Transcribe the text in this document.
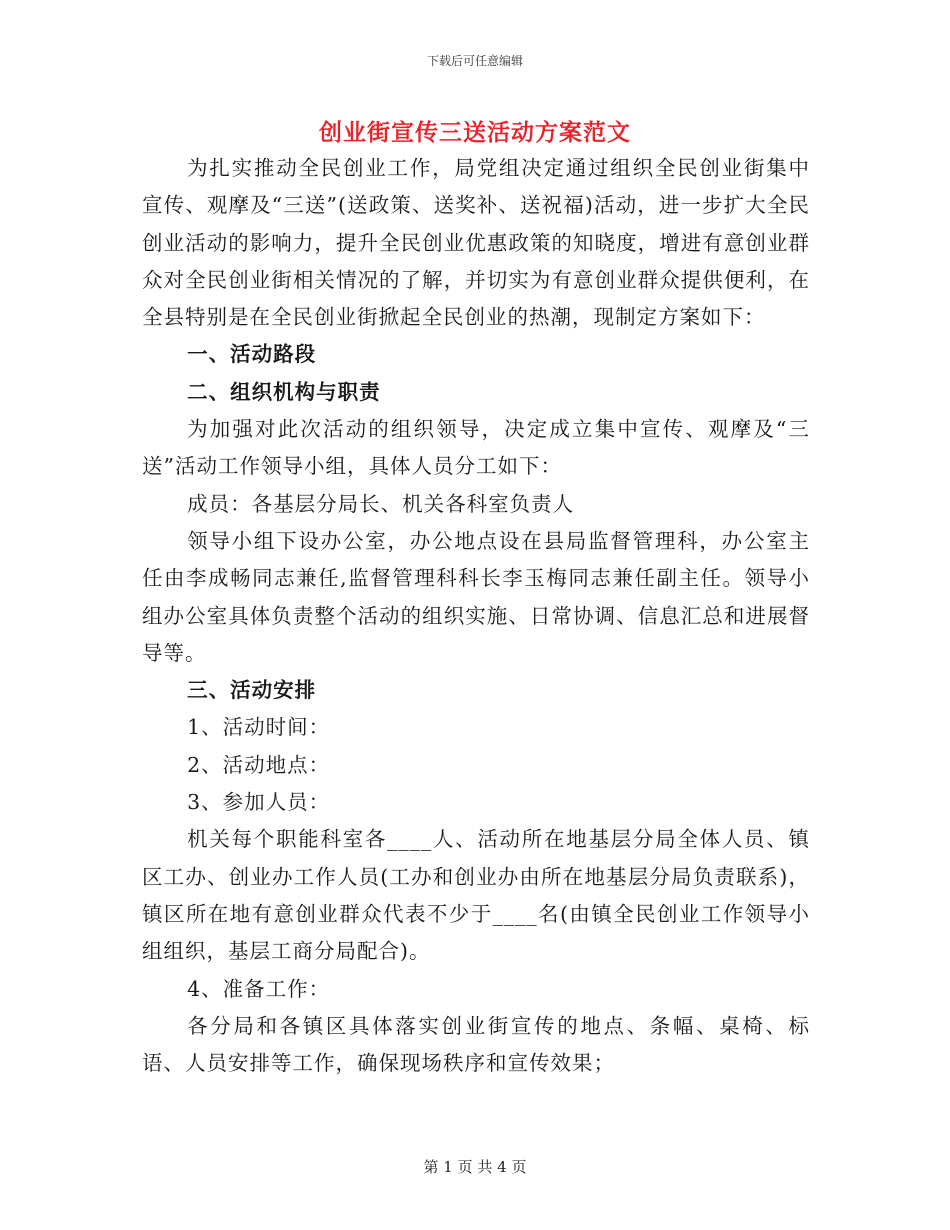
下载后可任意编辑
创业街宣传三送活动方案范文

为扎实推动全民创业工作，局党组决定通过组织全民创业街集中宣传、观摩及“三送”(送政策、送奖补、送祝福)活动，进一步扩大全民创业活动的影响力，提升全民创业优惠政策的知晓度，增进有意创业群众对全民创业街相关情况的了解，并切实为有意创业群众提供便利，在全县特别是在全民创业街掀起全民创业的热潮，现制定方案如下：

一、活动路段

二、组织机构与职责

为加强对此次活动的组织领导，决定成立集中宣传、观摩及“三送”活动工作领导小组，具体人员分工如下：

成员：各基层分局长、机关各科室负责人

领导小组下设办公室，办公地点设在县局监督管理科，办公室主任由李成畅同志兼任,监督管理科科长李玉梅同志兼任副主任。领导小组办公室具体负责整个活动的组织实施、日常协调、信息汇总和进展督导等。

三、活动安排

1、活动时间：

2、活动地点：

3、参加人员：

机关每个职能科室各____人、活动所在地基层分局全体人员、镇区工办、创业办工作人员(工办和创业办由所在地基层分局负责联系)，镇区所在地有意创业群众代表不少于____名(由镇全民创业工作领导小组组织，基层工商分局配合)。

4、准备工作：

各分局和各镇区具体落实创业街宣传的地点、条幅、桌椅、标语、人员安排等工作，确保现场秩序和宣传效果；

第 1 页 共 4 页
